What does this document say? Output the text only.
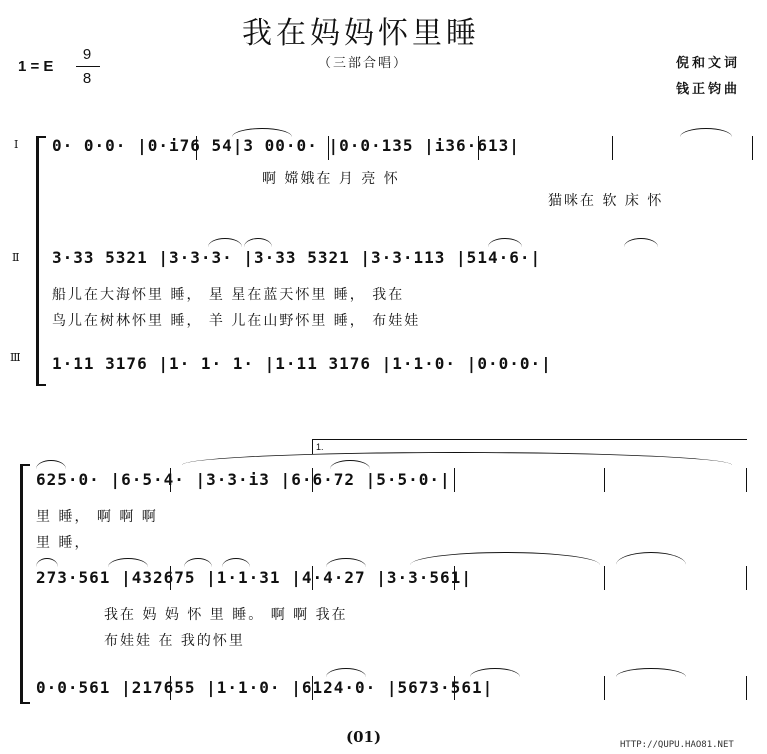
我在妈妈怀里睡
1 = E
9
8
（三部合唱）	倪和文词
钱正钧曲
Ⅰ
Ⅱ
Ⅲ
0· 0·0· |0·i76 54|3 00·0· |0·0·135 |i36·613|
啊 嫦娥在 月 亮 怀
猫咪在 软 床 怀
3·33 5321 |3·3·3· |3·33 5321 |3·3·113 |514·6·|
船儿在大海怀里 睡， 星 星在蓝天怀里 睡， 我在
鸟儿在树林怀里 睡， 羊 儿在山野怀里 睡， 布娃娃
1·11 3176 |1· 1· 1· |1·11 3176 |1·1·0· |0·0·0·|
1.
625·0· |6·5·4· |3·3·i3 |6·6·72 |5·5·0·|
里 睡， 啊 啊 啊
里 睡，
273·561 |432675 |1·1·31 |4·4·27 |3·3·561|
我在 妈 妈 怀 里 睡。 啊 啊 我在
布娃娃 在 我的怀里
0·0·561 |217655 |1·1·0· |6124·0· |5673·561|
(01)	HTTP://QUPU.HAO81.NET
